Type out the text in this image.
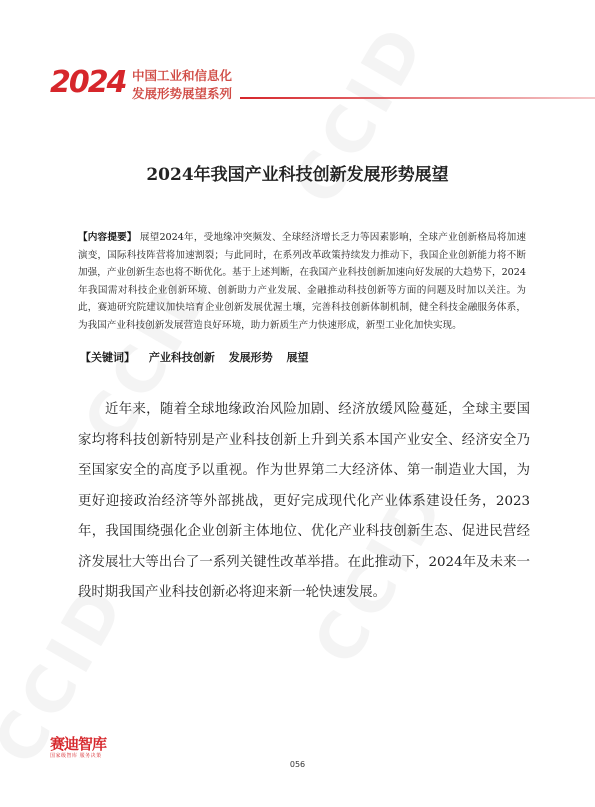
2024 中国工业和信息化
发展形势展望系列
2024年我国产业科技创新发展形势展望
【内容提要】 展望2024年，受地缘冲突频发、全球经济增长乏力等因素影响，全球产业创新格局将加速演变，国际科技阵营将加速割裂；与此同时，在系列改革政策持续发力推动下，我国企业创新能力将不断加强，产业创新生态也将不断优化。基于上述判断，在我国产业科技创新加速向好发展的大趋势下，2024年我国需对科技企业创新环境、创新助力产业发展、金融推动科技创新等方面的问题及时加以关注。为此，赛迪研究院建议加快培育企业创新发展优渥土壤，完善科技创新体制机制，健全科技金融服务体系，为我国产业科技创新发展营造良好环境，助力新质生产力快速形成，新型工业化加快实现。
【关键词】 产业科技创新 发展形势 展望
近年来，随着全球地缘政治风险加剧、经济放缓风险蔓延，全球主要国家均将科技创新特别是产业科技创新上升到关系本国产业安全、经济安全乃至国家安全的高度予以重视。作为世界第二大经济体、第一制造业大国，为更好迎接政治经济等外部挑战，更好完成现代化产业体系建设任务，2023年，我国围绕强化企业创新主体地位、优化产业科技创新生态、促进民营经济发展壮大等出台了一系列关键性改革举措。在此推动下，2024年及未来一段时期我国产业科技创新必将迎来新一轮快速发展。
赛迪智库
国家级智库 服务决策
056
